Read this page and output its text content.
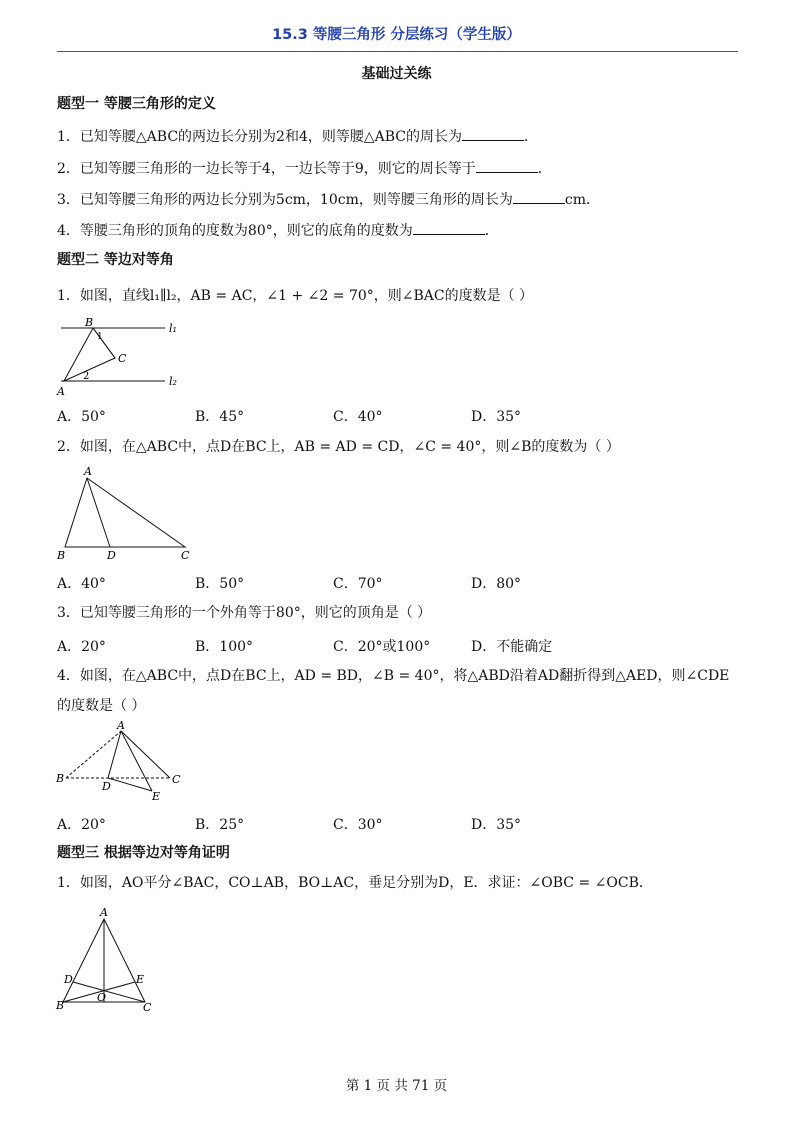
15.3 等腰三角形 分层练习（学生版）
基础过关练
题型一 等腰三角形的定义
1．已知等腰△ABC的两边长分别为2和4，则等腰△ABC的周长为	．
2．已知等腰三角形的一边长等于4，一边长等于9，则它的周长等于	．
3．已知等腰三角形的两边长分别为5cm，10cm，则等腰三角形的周长为	cm．
4．等腰三角形的顶角的度数为80°，则它的底角的度数为	．
题型二 等边对等角
1．如图，直线l₁∥l₂，AB = AC，∠1 + ∠2 = 70°，则∠BAC的度数是（ ）
B
1
C
2
A
l₁
l₂
A．50°	B．45°	C．40°	D．35°
2．如图，在△ABC中，点D在BC上，AB = AD = CD，∠C = 40°，则∠B的度数为（ ）
A
B	D	C
A．40°	B．50°	C．70°	D．80°
3．已知等腰三角形的一个外角等于80°，则它的顶角是（ ）
A．20°	B．100°	C．20°或100°	D．不能确定
4．如图，在△ABC中，点D在BC上，AD = BD，∠B = 40°，将△ABD沿着AD翻折得到△AED，则∠CDE
的度数是（ ）
A
B	C
D
E
A．20°	B．25°	C．30°	D．35°
题型三 根据等边对等角证明
1．如图，AO平分∠BAC，CO⊥AB，BO⊥AC，垂足分别为D，E．求证：∠OBC = ∠OCB．
A
D	E
O
B	C
第 1 页 共 71 页
